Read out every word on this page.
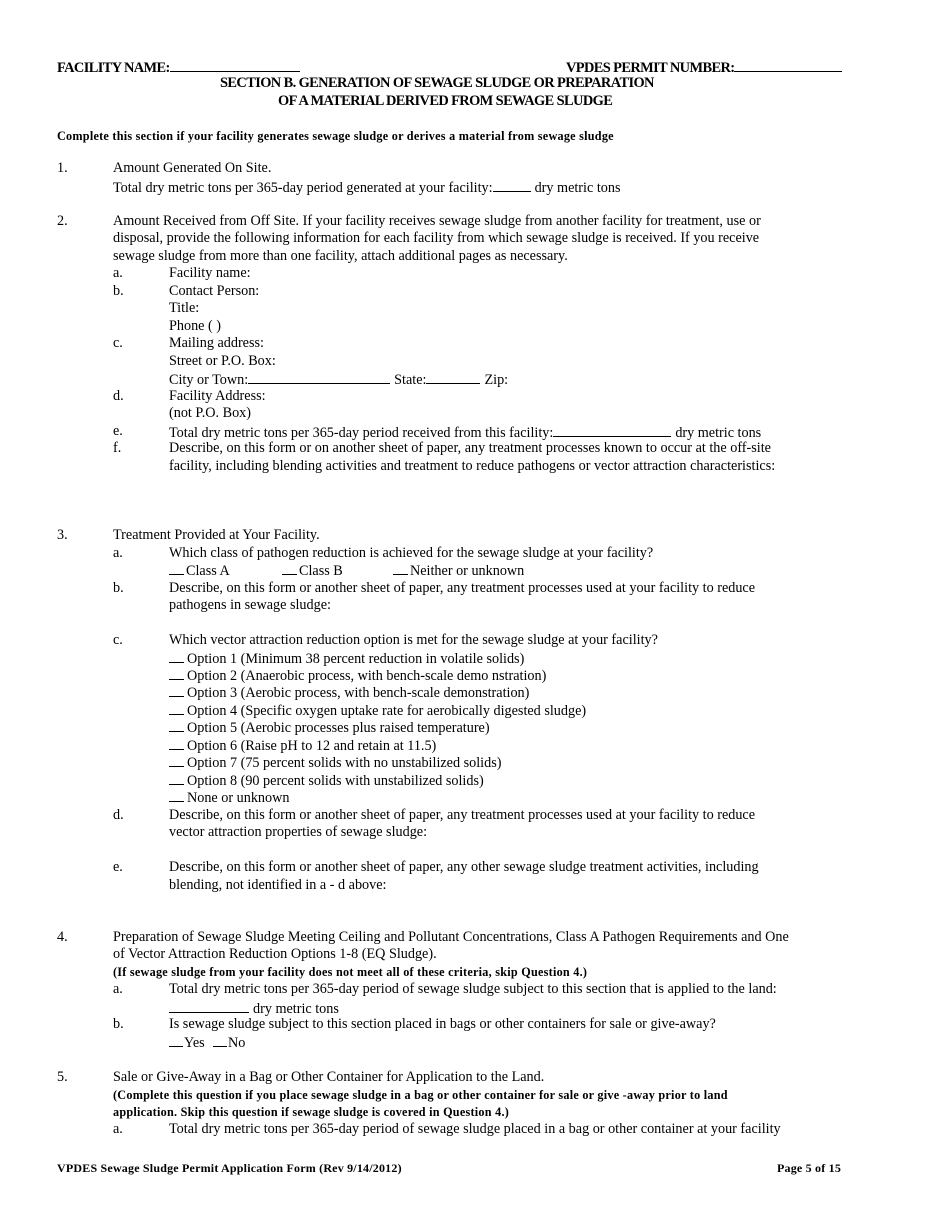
FACILITY NAME:	VPDES PERMIT NUMBER:
SECTION B. GENERATION OF SEWAGE SLUDGE OR PREPARATION
OF A MATERIAL DERIVED FROM SEWAGE SLUDGE
Complete this section if your facility generates sewage sludge or derives a material from sewage sludge
1.	Amount Generated On Site.
Total dry metric tons per 365-day period generated at your facility:	dry metric tons
2.	Amount Received from Off Site. If your facility receives sewage sludge from another facility for treatment, use or
disposal, provide the following information for each facility from which sewage sludge is received. If you receive
sewage sludge from more than one facility, attach additional pages as necessary.
a.	Facility name:
b.	Contact Person:
Title:
Phone ( )
c.	Mailing address:
Street or P.O. Box:
City or Town:	State:	Zip:
d.	Facility Address:
(not P.O. Box)
e.	Total dry metric tons per 365-day period received from this facility:	dry metric tons
f.	Describe, on this form or on another sheet of paper, any treatment processes known to occur at the off-site
facility, including blending activities and treatment to reduce pathogens or vector attraction characteristics:
3.	Treatment Provided at Your Facility.
a.	Which class of pathogen reduction is achieved for the sewage sludge at your facility?
Class A	Class B	Neither or unknown
b.	Describe, on this form or another sheet of paper, any treatment processes used at your facility to reduce
pathogens in sewage sludge:
c.	Which vector attraction reduction option is met for the sewage sludge at your facility?
Option 1 (Minimum 38 percent reduction in volatile solids)
Option 2 (Anaerobic process, with bench-scale demo nstration)
Option 3 (Aerobic process, with bench-scale demonstration)
Option 4 (Specific oxygen uptake rate for aerobically digested sludge)
Option 5 (Aerobic processes plus raised temperature)
Option 6 (Raise pH to 12 and retain at 11.5)
Option 7 (75 percent solids with no unstabilized solids)
Option 8 (90 percent solids with unstabilized solids)
None or unknown
d.	Describe, on this form or another sheet of paper, any treatment processes used at your facility to reduce
vector attraction properties of sewage sludge:
e.	Describe, on this form or another sheet of paper, any other sewage sludge treatment activities, including
blending, not identified in a - d above:
4.	Preparation of Sewage Sludge Meeting Ceiling and Pollutant Concentrations, Class A Pathogen Requirements and One
of Vector Attraction Reduction Options 1-8 (EQ Sludge).
(If sewage sludge from your facility does not meet all of these criteria, skip Question 4.)
a.	Total dry metric tons per 365-day period of sewage sludge subject to this section that is applied to the land:
dry metric tons
b.	Is sewage sludge subject to this section placed in bags or other containers for sale or give-away?
Yes	No
5.	Sale or Give-Away in a Bag or Other Container for Application to the Land.
(Complete this question if you place sewage sludge in a bag or other container for sale or give -away prior to land
application. Skip this question if sewage sludge is covered in Question 4.)
a.	Total dry metric tons per 365-day period of sewage sludge placed in a bag or other container at your facility
VPDES Sewage Sludge Permit Application Form (Rev 9/14/2012)	Page 5 of 15
